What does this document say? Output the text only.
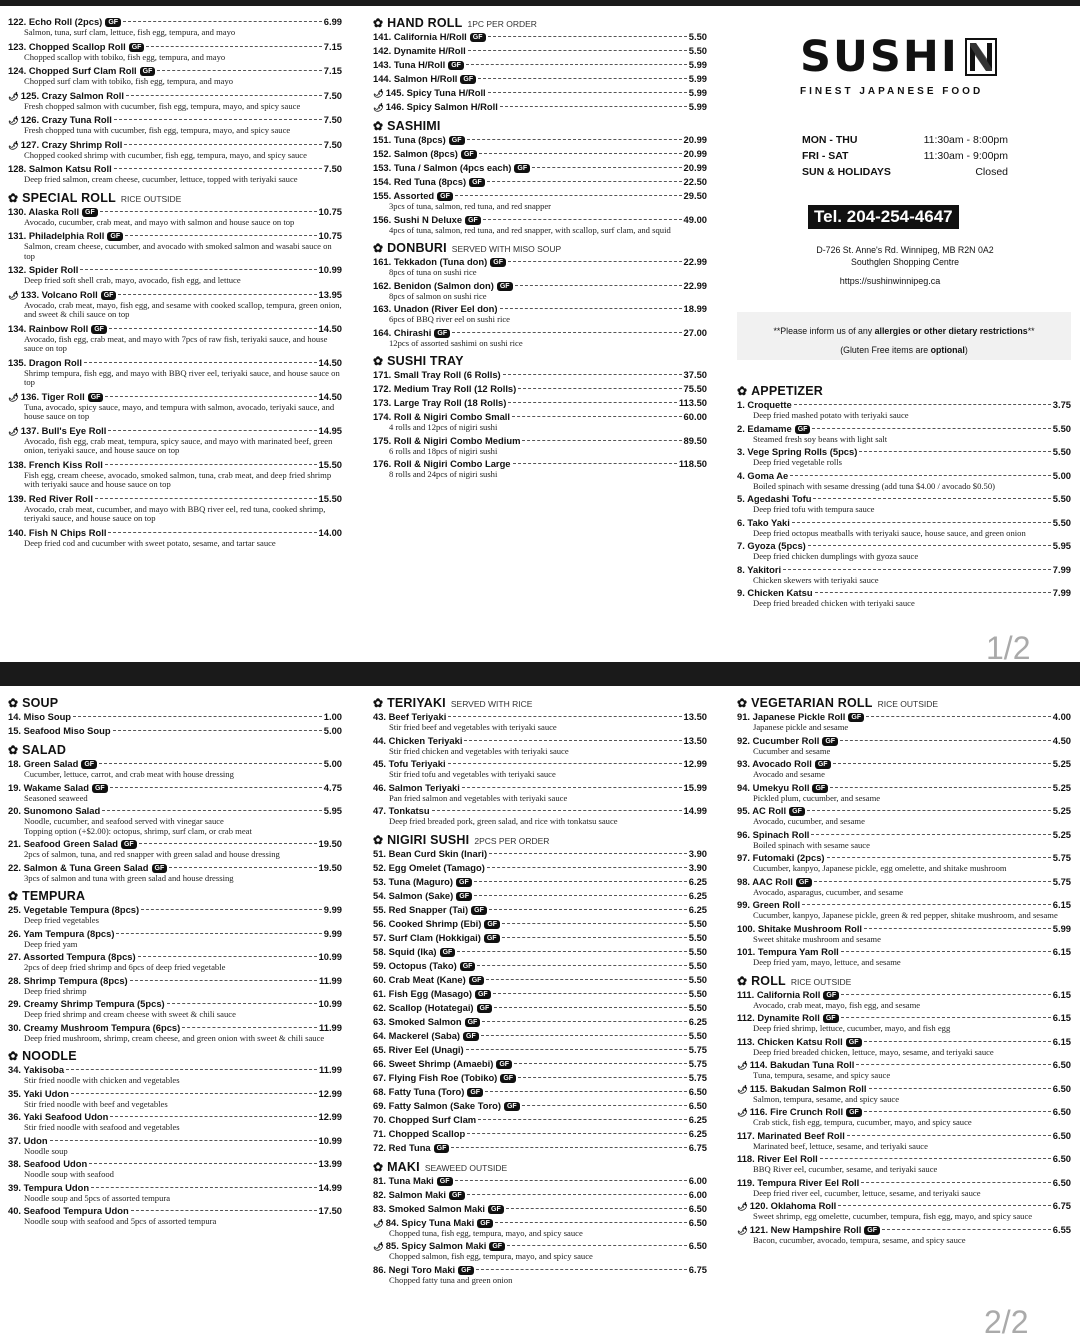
122. Echo Roll (2pcs) GF	6.99
Salmon, tuna, surf clam, lettuce, fish egg, tempura, and mayo
123. Chopped Scallop Roll GF	7.15
Chopped scallop with tobiko, fish egg, tempura, and mayo
124. Chopped Surf Clam Roll GF	7.15
Chopped surf clam with tobiko, fish egg, tempura, and mayo
🌶 125. Crazy Salmon Roll	7.50
Fresh chopped salmon with cucumber, fish egg, tempura, mayo, and spicy sauce
🌶 126. Crazy Tuna Roll	7.50
Fresh chopped tuna with cucumber, fish egg, tempura, mayo, and spicy sauce
🌶 127. Crazy Shrimp Roll	7.50
Chopped cooked shrimp with cucumber, fish egg, tempura, mayo, and spicy sauce
128. Salmon Katsu Roll	7.50
Deep fried salmon, cream cheese, cucumber, lettuce, topped with teriyaki sauce
✿ SPECIAL ROLL RICE OUTSIDE
130. Alaska Roll GF	10.75
Avocado, cucumber, crab meat, and mayo with salmon and house sauce on top
131. Philadelphia Roll GF	10.75
Salmon, cream cheese, cucumber, and avocado with smoked salmon and wasabi sauce on top
132. Spider Roll	10.99
Deep fried soft shell crab, mayo, avocado, fish egg, and lettuce
🌶 133. Volcano Roll GF	13.95
Avocado, crab meat, mayo, fish egg, and sesame with cooked scallop, tempura, green onion, and sweet & chili sauce on top
134. Rainbow Roll GF	14.50
Avocado, fish egg, crab meat, and mayo with 7pcs of raw fish, teriyaki sauce, and house sauce on top
135. Dragon Roll	14.50
Shrimp tempura, fish egg, and mayo with BBQ river eel, teriyaki sauce, and house sauce on top
🌶 136. Tiger Roll GF	14.50
Tuna, avocado, spicy sauce, mayo, and tempura with salmon, avocado, teriyaki sauce, and house sauce on top
🌶 137. Bull's Eye Roll	14.95
Avocado, fish egg, crab meat, tempura, spicy sauce, and mayo with marinated beef, green onion, teriyaki sauce, and house sauce on top
138. French Kiss Roll	15.50
Fish egg, cream cheese, avocado, smoked salmon, tuna, crab meat, and deep fried shrimp with teriyaki sauce and house sauce on top
139. Red River Roll	15.50
Avocado, crab meat, cucumber, and mayo with BBQ river eel, red tuna, cooked shrimp, teriyaki sauce, and house sauce on top
140. Fish N Chips Roll	14.00
Deep fried cod and cucumber with sweet potato, sesame, and tartar sauce
✿ HAND ROLL 1PC PER ORDER
141. California H/Roll GF	5.50
142. Dynamite H/Roll	5.50
143. Tuna H/Roll GF	5.99
144. Salmon H/Roll GF	5.99
🌶 145. Spicy Tuna H/Roll	5.99
🌶 146. Spicy Salmon H/Roll	5.99
✿ SASHIMI
151. Tuna (8pcs) GF	20.99
152. Salmon (8pcs) GF	20.99
153. Tuna / Salmon (4pcs each) GF	20.99
154. Red Tuna (8pcs) GF	22.50
155. Assorted GF	29.50
3pcs of tuna, salmon, red tuna, and red snapper
156. Sushi N Deluxe GF	49.00
4pcs of tuna, salmon, red tuna, and red snapper, with scallop, surf clam, and squid
✿ DONBURI SERVED WITH MISO SOUP
161. Tekkadon (Tuna don) GF	22.99
8pcs of tuna on sushi rice
162. Benidon (Salmon don) GF	22.99
8pcs of salmon on sushi rice
163. Unadon (River Eel don)	18.99
6pcs of BBQ river eel on sushi rice
164. Chirashi GF	27.00
12pcs of assorted sashimi on sushi rice
✿ SUSHI TRAY
171. Small Tray Roll (6 Rolls)	37.50
172. Medium Tray Roll (12 Rolls)	75.50
173. Large Tray Roll (18 Rolls)	113.50
174. Roll & Nigiri Combo Small	60.00
4 rolls and 12pcs of nigiri sushi
175. Roll & Nigiri Combo Medium	89.50
6 rolls and 18pcs of nigiri sushi
176. Roll & Nigiri Combo Large	118.50
8 rolls and 24pcs of nigiri sushi
SUSHI
FINEST JAPANESE FOOD
MON - THU	11:30am - 8:00pm
FRI - SAT	11:30am - 9:00pm
SUN & HOLIDAYS	Closed
Tel. 204-254-4647
D-726 St. Anne's Rd. Winnipeg, MB R2N 0A2
Southglen Shopping Centre
https://sushinwinnipeg.ca
**Please inform us of any allergies or other dietary restrictions**
(Gluten Free items are optional)
✿ APPETIZER
1. Croquette	3.75
Deep fried mashed potato with teriyaki sauce
2. Edamame GF	5.50
Steamed fresh soy beans with light salt
3. Vege Spring Rolls (5pcs)	5.50
Deep fried vegetable rolls
4. Goma Ae	5.00
Boiled spinach with sesame dressing (add tuna $4.00 / avocado $0.50)
5. Agedashi Tofu	5.50
Deep fried tofu with tempura sauce
6. Tako Yaki	5.50
Deep fried octopus meatballs with teriyaki sauce, house sauce, and green onion
7. Gyoza (5pcs)	5.95
Deep fried chicken dumplings with gyoza sauce
8. Yakitori	7.99
Chicken skewers with teriyaki sauce
9. Chicken Katsu	7.99
Deep fried breaded chicken with teriyaki sauce
1/2
✿ SOUP
14. Miso Soup	1.00
15. Seafood Miso Soup	5.00
✿ SALAD
18. Green Salad GF	5.00
Cucumber, lettuce, carrot, and crab meat with house dressing
19. Wakame Salad GF	4.75
Seasoned seaweed
20. Sunomono Salad	5.95
Noodle, cucumber, and seafood served with vinegar sauce
Topping option (+$2.00): octopus, shrimp, surf clam, or crab meat
21. Seafood Green Salad GF	19.50
2pcs of salmon, tuna, and red snapper with green salad and house dressing
22. Salmon & Tuna Green Salad GF	19.50
3pcs of salmon and tuna with green salad and house dressing
✿ TEMPURA
25. Vegetable Tempura (8pcs)	9.99
Deep fried vegetables
26. Yam Tempura (8pcs)	9.99
Deep fried yam
27. Assorted Tempura (8pcs)	10.99
2pcs of deep fried shrimp and 6pcs of deep fried vegetable
28. Shrimp Tempura (8pcs)	11.99
Deep fried shrimp
29. Creamy Shrimp Tempura (5pcs)	10.99
Deep fried shrimp and cream cheese with sweet & chili sauce
30. Creamy Mushroom Tempura (6pcs)	11.99
Deep fried mushroom, shrimp, cream cheese, and green onion with sweet & chili sauce
✿ NOODLE
34. Yakisoba	11.99
Stir fried noodle with chicken and vegetables
35. Yaki Udon	12.99
Stir fried noodle with beef and vegetables
36. Yaki Seafood Udon	12.99
Stir fried noodle with seafood and vegetables
37. Udon	10.99
Noodle soup
38. Seafood Udon	13.99
Noodle soup with seafood
39. Tempura Udon	14.99
Noodle soup and 5pcs of assorted tempura
40. Seafood Tempura Udon	17.50
Noodle soup with seafood and 5pcs of assorted tempura
✿ TERIYAKI SERVED WITH RICE
43. Beef Teriyaki	13.50
Stir fried beef and vegetables with teriyaki sauce
44. Chicken Teriyaki	13.50
Stir fried chicken and vegetables with teriyaki sauce
45. Tofu Teriyaki	12.99
Stir fried tofu and vegetables with teriyaki sauce
46. Salmon Teriyaki	15.99
Pan fried salmon and vegetables with teriyaki sauce
47. Tonkatsu	14.99
Deep fried breaded pork, green salad, and rice with tonkatsu sauce
✿ NIGIRI SUSHI 2PCS PER ORDER
51. Bean Curd Skin (Inari)	3.90
52. Egg Omelet (Tamago)	3.90
53. Tuna (Maguro) GF	6.25
54. Salmon (Sake) GF	6.25
55. Red Snapper (Tai) GF	6.25
56. Cooked Shrimp (Ebi) GF	5.50
57. Surf Clam (Hokkigai) GF	5.50
58. Squid (Ika) GF	5.50
59. Octopus (Tako) GF	5.50
60. Crab Meat (Kane) GF	5.50
61. Fish Egg (Masago) GF	5.50
62. Scallop (Hotategai) GF	5.50
63. Smoked Salmon GF	6.25
64. Mackerel (Saba) GF	5.50
65. River Eel (Unagi)	5.75
66. Sweet Shrimp (Amaebi) GF	5.75
67. Flying Fish Roe (Tobiko) GF	5.75
68. Fatty Tuna (Toro) GF	6.50
69. Fatty Salmon (Sake Toro) GF	6.50
70. Chopped Surf Clam	6.25
71. Chopped Scallop	6.25
72. Red Tuna GF	6.75
✿ MAKI SEAWEED OUTSIDE
81. Tuna Maki GF	6.00
82. Salmon Maki GF	6.00
83. Smoked Salmon Maki GF	6.50
🌶 84. Spicy Tuna Maki GF	6.50
Chopped tuna, fish egg, tempura, mayo, and spicy sauce
🌶 85. Spicy Salmon Maki GF	6.50
Chopped salmon, fish egg, tempura, mayo, and spicy sauce
86. Negi Toro Maki GF	6.75
Chopped fatty tuna and green onion
✿ VEGETARIAN ROLL RICE OUTSIDE
91. Japanese Pickle Roll GF	4.00
Japanese pickle and sesame
92. Cucumber Roll GF	4.50
Cucumber and sesame
93. Avocado Roll GF	5.25
Avocado and sesame
94. Umekyu Roll GF	5.25
Pickled plum, cucumber, and sesame
95. AC Roll GF	5.25
Avocado, cucumber, and sesame
96. Spinach Roll	5.25
Boiled spinach with sesame sauce
97. Futomaki (2pcs)	5.75
Cucumber, kanpyo, Japanese pickle, egg omelette, and shitake mushroom
98. AAC Roll GF	5.75
Avocado, asparagus, cucumber, and sesame
99. Green Roll	6.15
Cucumber, kanpyo, Japanese pickle, green & red pepper, shitake mushroom, and sesame
100. Shitake Mushroom Roll	5.99
Sweet shitake mushroom and sesame
101. Tempura Yam Roll	6.15
Deep fried yam, mayo, lettuce, and sesame
✿ ROLL RICE OUTSIDE
111. California Roll GF	6.15
Avocado, crab meat, mayo, fish egg, and sesame
112. Dynamite Roll GF	6.15
Deep fried shrimp, lettuce, cucumber, mayo, and fish egg
113. Chicken Katsu Roll GF	6.15
Deep fried breaded chicken, lettuce, mayo, sesame, and teriyaki sauce
🌶 114. Bakudan Tuna Roll	6.50
Tuna, tempura, sesame, and spicy sauce
🌶 115. Bakudan Salmon Roll	6.50
Salmon, tempura, sesame, and spicy sauce
🌶 116. Fire Crunch Roll GF	6.50
Crab stick, fish egg, tempura, cucumber, mayo, and spicy sauce
117. Marinated Beef Roll	6.50
Marinated beef, lettuce, sesame, and teriyaki sauce
118. River Eel Roll	6.50
BBQ River eel, cucumber, sesame, and teriyaki sauce
119. Tempura River Eel Roll	6.50
Deep fried river eel, cucumber, lettuce, sesame, and teriyaki sauce
🌶 120. Oklahoma Roll	6.75
Sweet shrimp, egg omelette, cucumber, tempura, fish egg, mayo, and spicy sauce
🌶 121. New Hampshire Roll GF	6.55
Bacon, cucumber, avocado, tempura, sesame, and spicy sauce
2/2
